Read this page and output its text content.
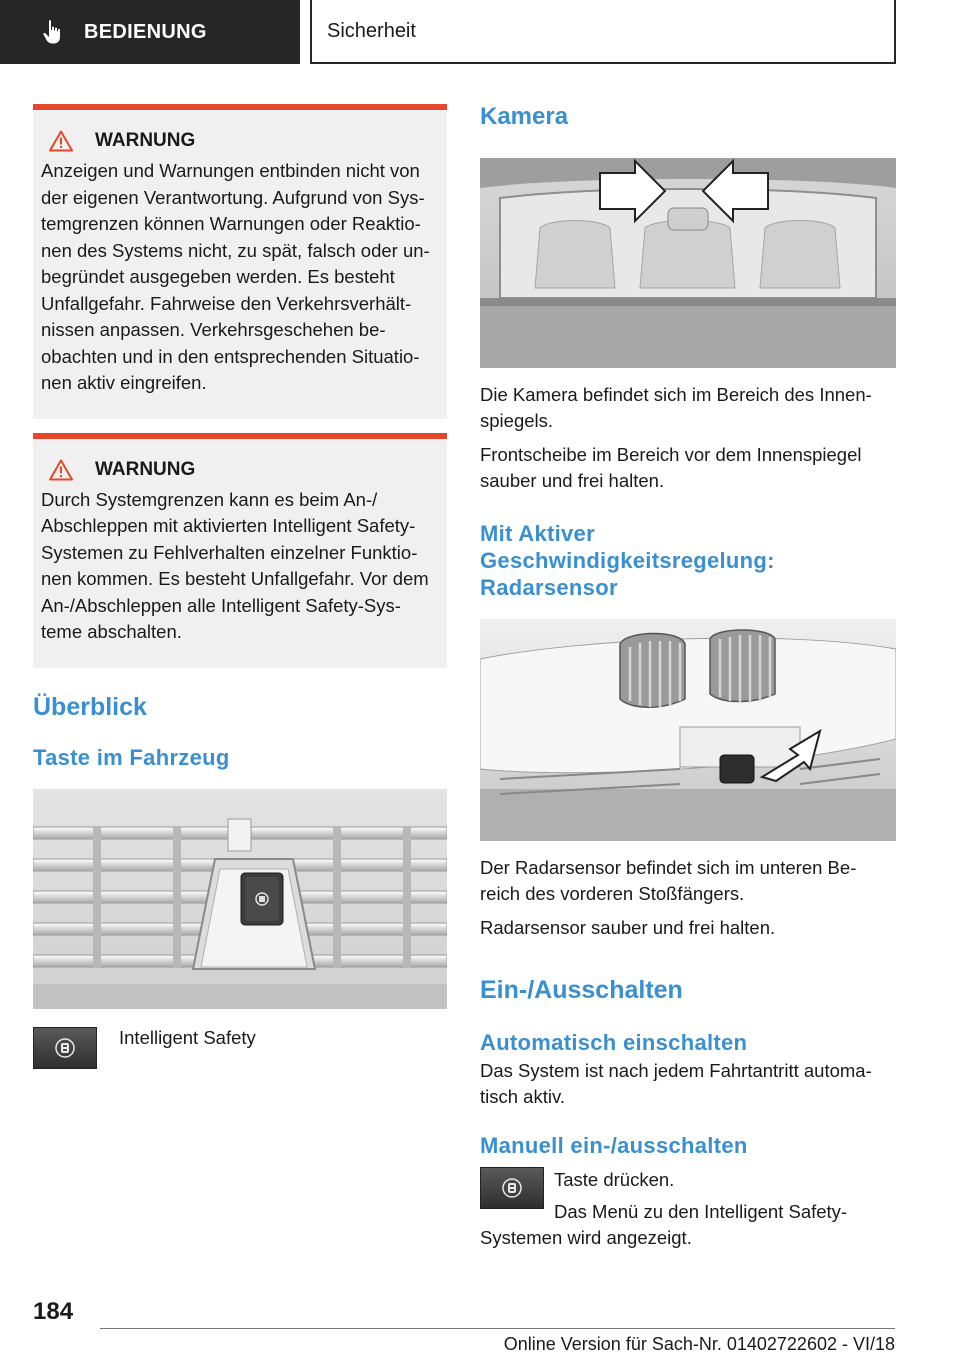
BEDIENUNG	Sicherheit
WARNUNG

Anzeigen und Warnungen entbinden nicht von der eigenen Verantwortung. Aufgrund von Sys-temgrenzen können Warnungen oder Reaktio-nen des Systems nicht, zu spät, falsch oder un-begründet ausgegeben werden. Es besteht Unfallgefahr. Fahrweise den Verkehrsverhält-nissen anpassen. Verkehrsgeschehen be-obachten und in den entsprechenden Situatio-nen aktiv eingreifen.

WARNUNG

Durch Systemgrenzen kann es beim An-/ Abschleppen mit aktivierten Intelligent Safety-Systemen zu Fehlverhalten einzelner Funktio-nen kommen. Es besteht Unfallgefahr. Vor dem An-/Abschleppen alle Intelligent Safety-Sys-teme abschalten.

Überblick
Taste im Fahrzeug

Intelligent Safety

Kamera

Die Kamera befindet sich im Bereich des Innen-spiegels.

Frontscheibe im Bereich vor dem Innenspiegel sauber und frei halten.

Mit Aktiver Geschwindigkeitsregelung: Radarsensor

Der Radarsensor befindet sich im unteren Be-reich des vorderen Stoßfängers.

Radarsensor sauber und frei halten.

Ein-/Ausschalten
Automatisch einschalten

Das System ist nach jedem Fahrtantritt automa-tisch aktiv.

Manuell ein-/ausschalten

Taste drücken.

Das Menü zu den Intelligent Safety-Systemen wird angezeigt.

184
Online Version für Sach-Nr. 01402722602 - VI/18
